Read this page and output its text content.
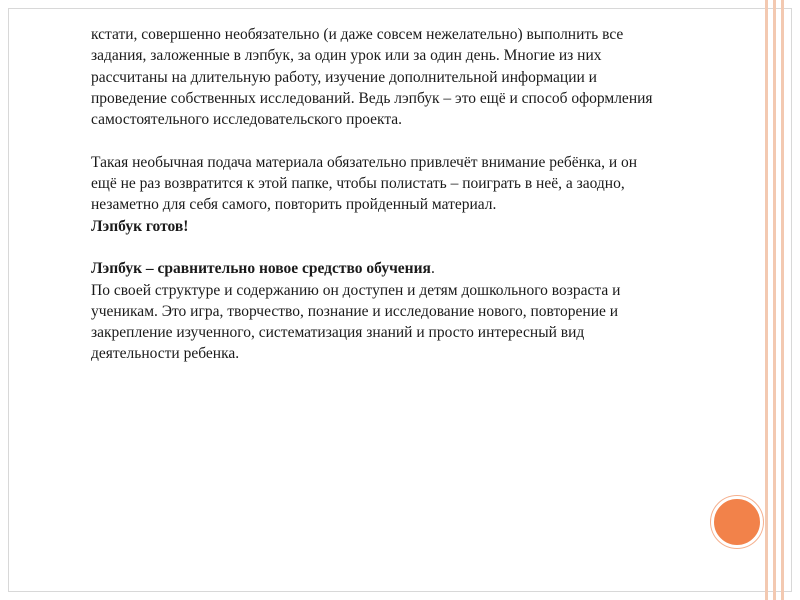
кстати, совершенно необязательно (и даже совсем нежелательно) выполнить все
задания, заложенные в лэпбук, за один урок или за один день. Многие из них
рассчитаны на длительную работу, изучение дополнительной информации и
проведение собственных исследований. Ведь лэпбук – это ещё и способ оформления
самостоятельного исследовательского проекта.

Такая необычная подача материала обязательно привлечёт внимание ребёнка, и он
ещё не раз возвратится к этой папке, чтобы полистать – поиграть в неё, а заодно,
незаметно для себя самого, повторить пройденный материал.

Лэпбук готов!

Лэпбук – сравнительно новое средство обучения.

По своей структуре и содержанию он доступен и детям дошкольного возраста и
ученикам. Это игра, творчество, познание и исследование нового, повторение и
закрепление изученного, систематизация знаний и просто интересный вид
деятельности ребенка.
